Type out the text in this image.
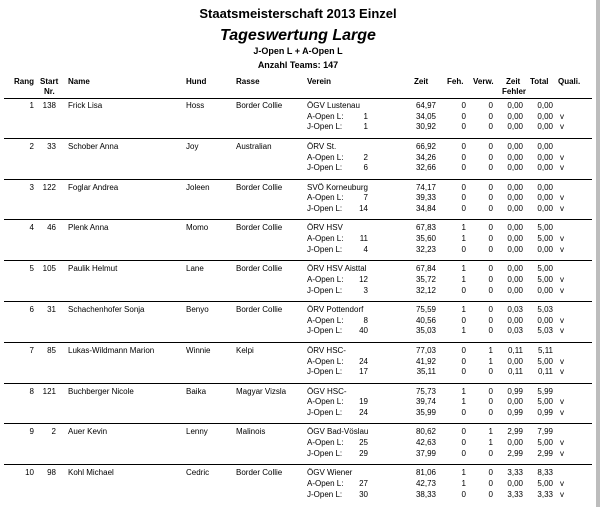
Staatsmeisterschaft 2013 Einzel
Tageswertung Large
J-Open L + A-Open L
Anzahl Teams: 147
Rang Start
Nr.
Name	Hund	Rasse	Verein	Zeit Feh. Verw. Zeit
Fehler
Total Quali.
1	138 Frick Lisa	Hoss	Border Collie	ÖGV Lustenau	64,97	0	0	0,00	0,00
A-Open L:	1	34,05	0	0	0,00	0,00 v
J-Open L:	1	30,92	0	0	0,00	0,00 v
2	33 Schober Anna	Joy	Australian	ÖRV St.	66,92	0	0	0,00	0,00
A-Open L:	2	34,26	0	0	0,00	0,00 v
J-Open L:	6	32,66	0	0	0,00	0,00 v
3	122 Foglar Andrea	Joleen	Border Collie	SVÖ Korneuburg	74,17	0	0	0,00	0,00
A-Open L:	7	39,33	0	0	0,00	0,00 v
J-Open L:	14	34,84	0	0	0,00	0,00 v
4	46 Plenk Anna	Momo	Border Collie	ÖRV HSV	67,83	1	0	0,00	5,00
A-Open L:	11	35,60	1	0	0,00	5,00 v
J-Open L:	4	32,23	0	0	0,00	0,00 v
5	105 Paulik Helmut	Lane	Border Collie	ÖRV HSV Aisttal	67,84	1	0	0,00	5,00
A-Open L:	12	35,72	1	0	0,00	5,00 v
J-Open L:	3	32,12	0	0	0,00	0,00 v
6	31 Schachenhofer Sonja	Benyo	Border Collie	ÖRV Pottendorf	75,59	1	0	0,03	5,03
A-Open L:	8	40,56	0	0	0,00	0,00 v
J-Open L:	40	35,03	1	0	0,03	5,03 v
7	85 Lukas-Wildmann Marion	Winnie	Kelpi	ÖRV HSC-	77,03	0	1	0,11	5,11
A-Open L:	24	41,92	0	1	0,00	5,00 v
J-Open L:	17	35,11	0	0	0,11	0,11 v
8	121 Buchberger Nicole	Baika	Magyar Vizsla	ÖGV HSC-	75,73	1	0	0,99	5,99
A-Open L:	19	39,74	1	0	0,00	5,00 v
J-Open L:	24	35,99	0	0	0,99	0,99 v
9	2 Auer Kevin	Lenny	Malinois	ÖGV Bad-Vöslau	80,62	0	1	2,99	7,99
A-Open L:	25	42,63	0	1	0,00	5,00 v
J-Open L:	29	37,99	0	0	2,99	2,99 v
10	98 Kohl Michael	Cedric	Border Collie	ÖGV Wiener	81,06	1	0	3,33	8,33
A-Open L:	27	42,73	1	0	0,00	5,00 v
J-Open L:	30	38,33	0	0	3,33	3,33 v
